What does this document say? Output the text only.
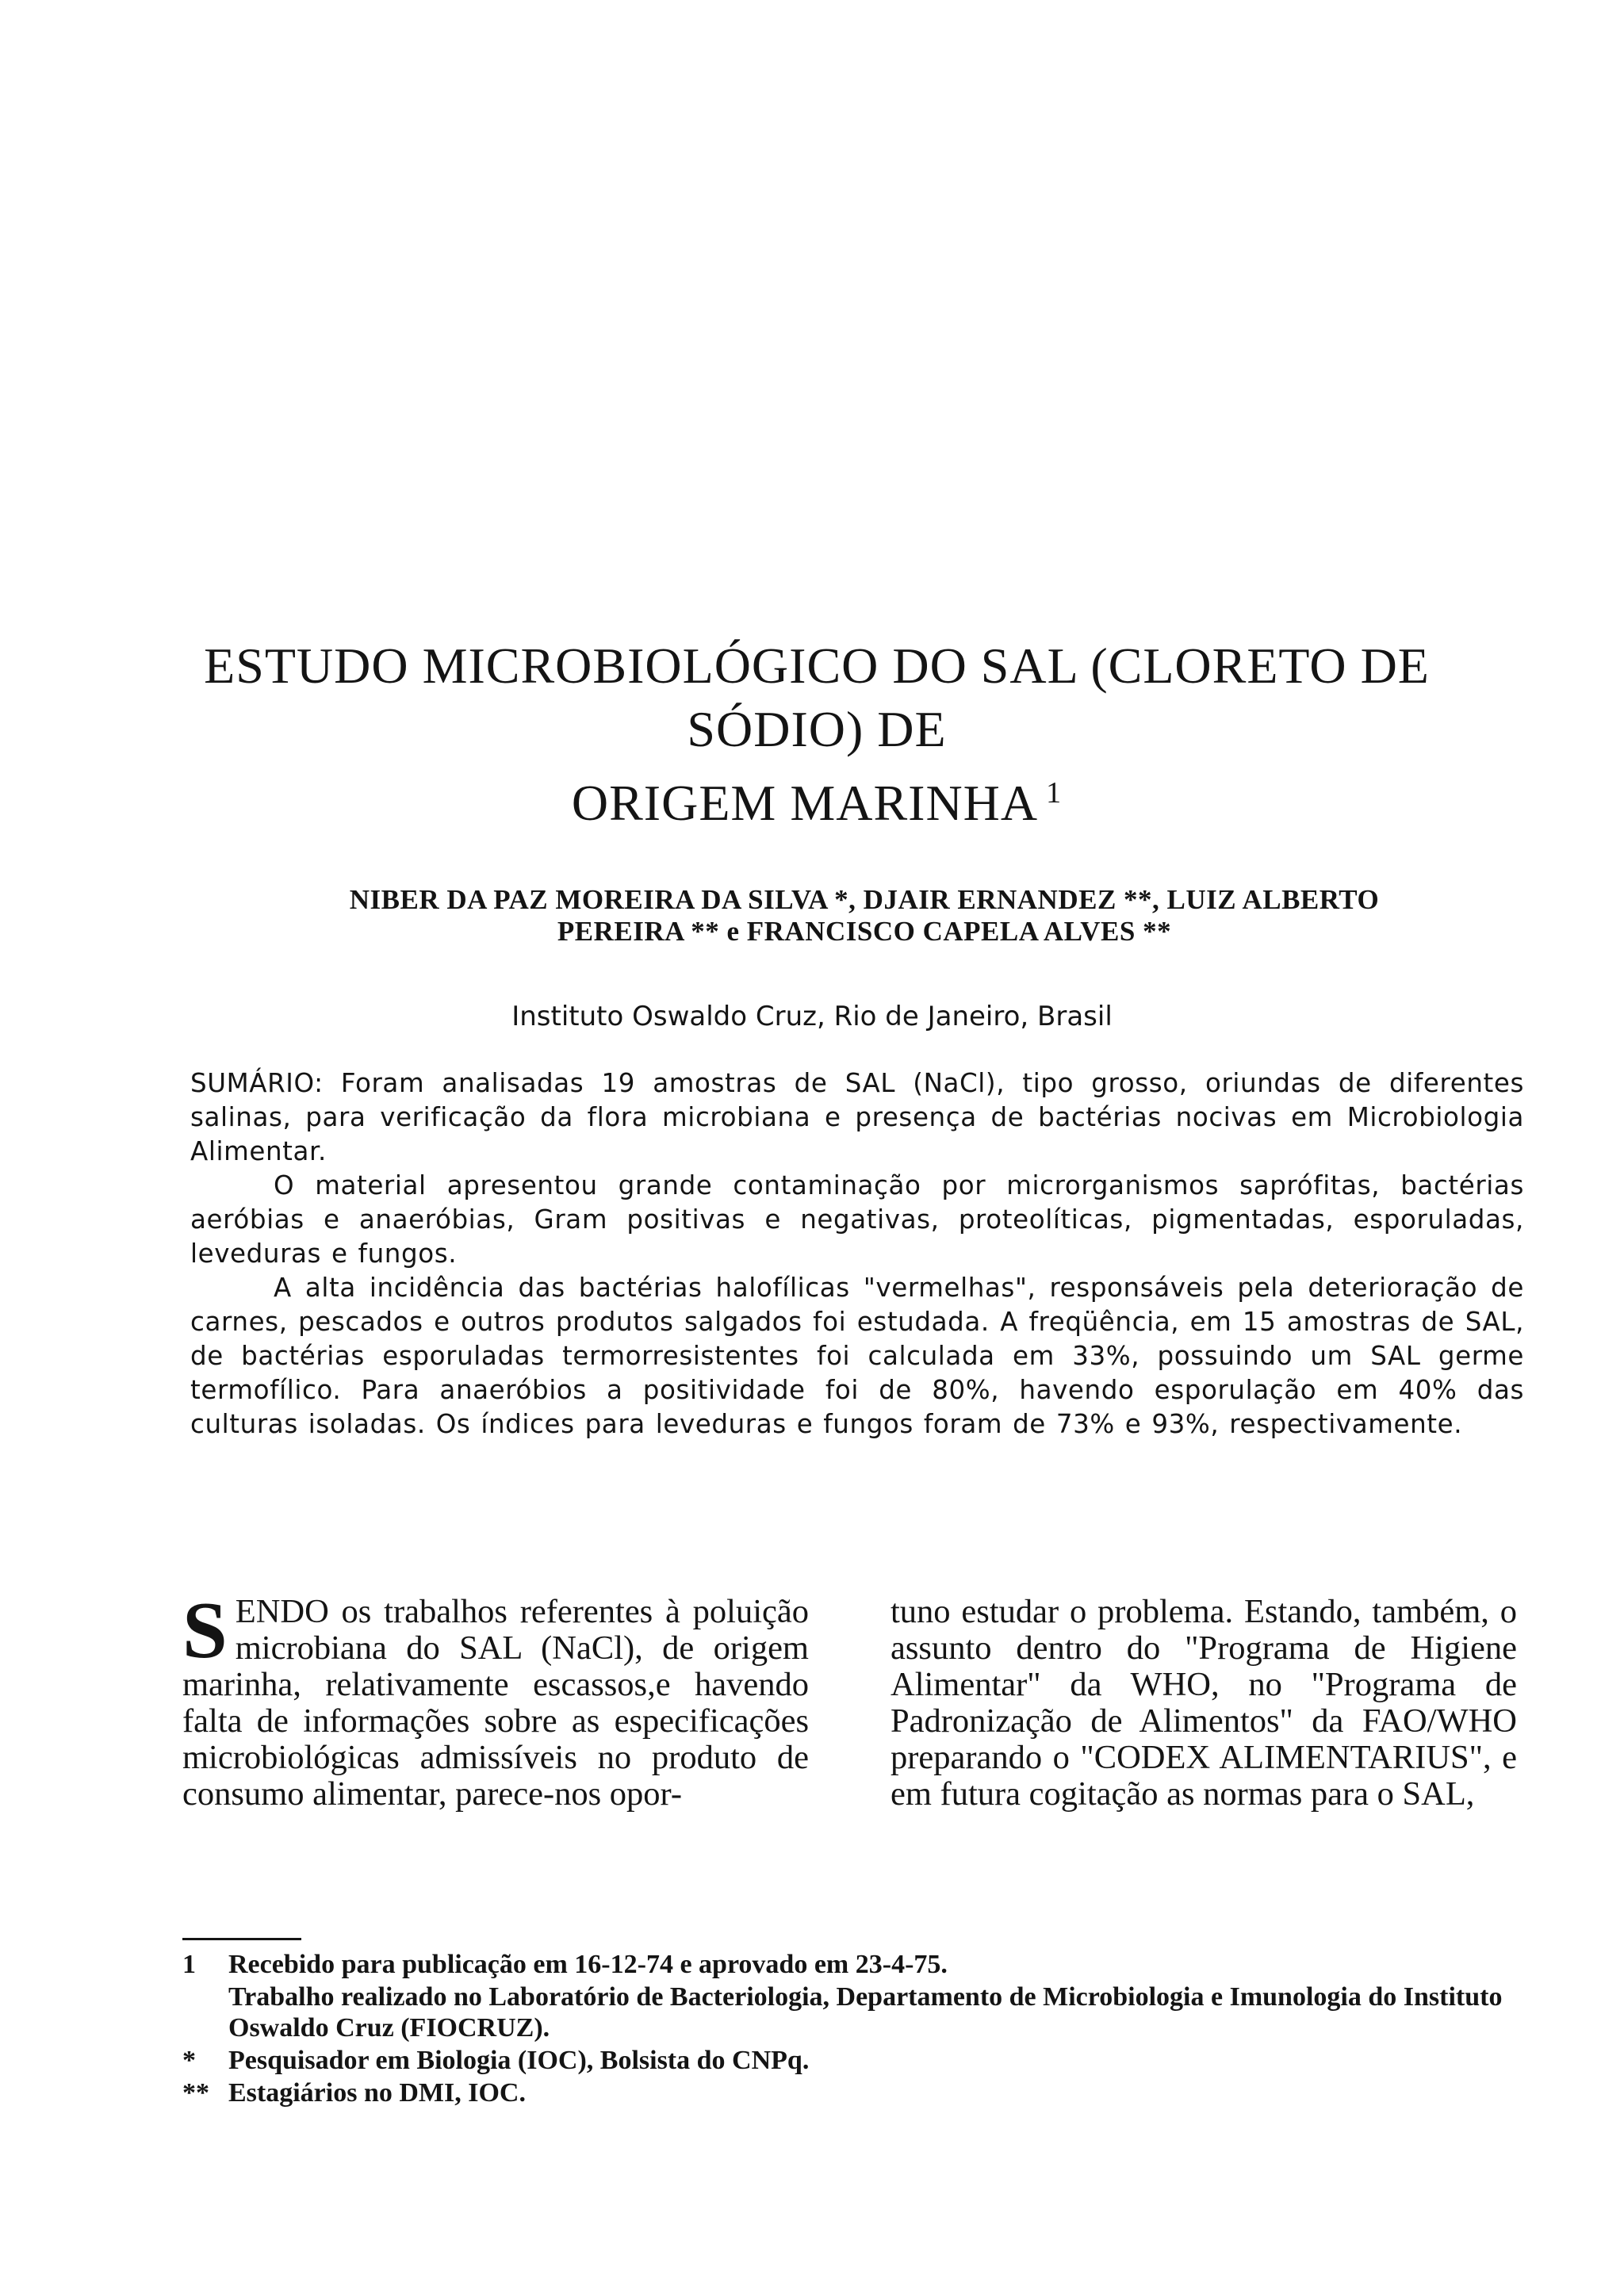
ESTUDO MICROBIOLÓGICO DO SAL (CLORETO DE SÓDIO) DE
ORIGEM MARINHA $^1$
NIBER DA PAZ MOREIRA DA SILVA *, DJAIR ERNANDEZ **, LUIZ ALBERTO
PEREIRA ** e FRANCISCO CAPELA ALVES **
Instituto Oswaldo Cruz, Rio de Janeiro, Brasil

SUMÁRIO: Foram analisadas 19 amostras de SAL (NaCl), tipo grosso, oriundas de diferentes salinas, para verificação da flora microbiana e presença de bactérias nocivas em Microbiologia Alimentar.

O material apresentou grande contaminação por microrganismos saprófitas, bactérias aeróbias e anaeróbias, Gram positivas e negativas, proteolíticas, pigmentadas, esporuladas, leveduras e fungos.

A alta incidência das bactérias halofílicas "vermelhas", responsáveis pela deterioração de carnes, pescados e outros produtos salgados foi estudada. A freqüência, em 15 amostras de SAL, de bactérias esporuladas termorresistentes foi calculada em 33%, possuindo um SAL germe termofílico. Para anaeróbios a positividade foi de 80%, havendo esporulação em 40% das culturas isoladas. Os índices para leveduras e fungos foram de 73% e 93%, respectivamente.

SENDO os trabalhos referentes à poluição microbiana do SAL (NaCl), de origem marinha, relativamente escassos,e havendo falta de informações sobre as especificações microbiológicas admissíveis no produto de consumo alimentar, parece-nos opor-
tuno estudar o problema. Estando, também, o assunto dentro do "Programa de Higiene Alimentar" da WHO, no "Programa de Padronização de Alimentos" da FAO/WHO preparando o "CODEX ALIMENTARIUS", e em futura cogitação as normas para o SAL,
1	Recebido para publicação em 16-12-74 e aprovado em 23-4-75.
Trabalho realizado no Laboratório de Bacteriologia, Departamento de Microbiologia e Imunologia do Instituto Oswaldo Cruz (FIOCRUZ).
*	Pesquisador em Biologia (IOC), Bolsista do CNPq.
** Estagiários no DMI, IOC.
